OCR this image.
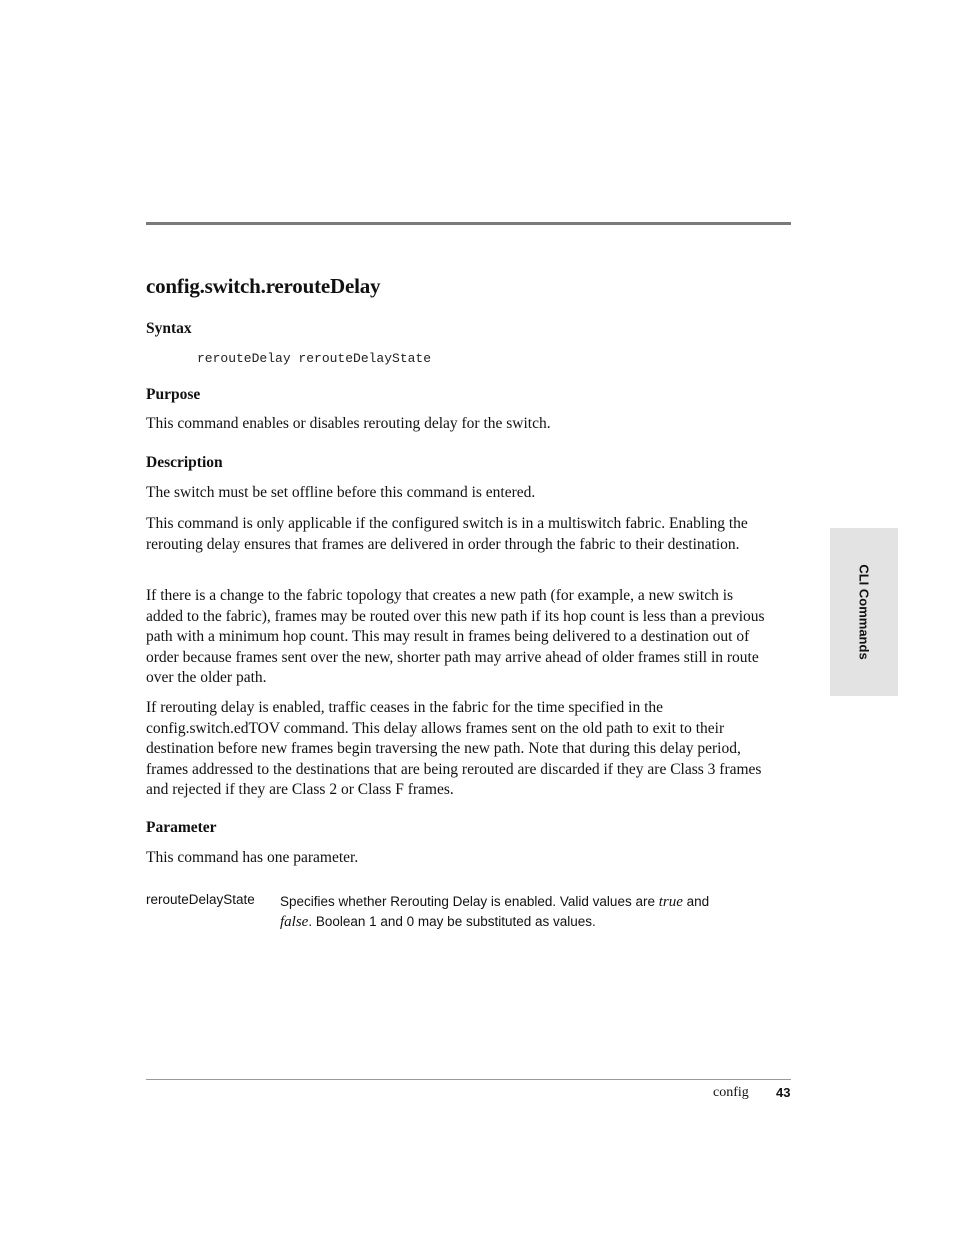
config.switch.rerouteDelay
Syntax
rerouteDelay rerouteDelayState
Purpose
This command enables or disables rerouting delay for the switch.
Description
The switch must be set offline before this command is entered.
This command is only applicable if the configured switch is in a multiswitch fabric. Enabling the rerouting delay ensures that frames are delivered in order through the fabric to their destination.
If there is a change to the fabric topology that creates a new path (for example, a new switch is added to the fabric), frames may be routed over this new path if its hop count is less than a previous path with a minimum hop count. This may result in frames being delivered to a destination out of order because frames sent over the new, shorter path may arrive ahead of older frames still in route over the older path.
If rerouting delay is enabled, traffic ceases in the fabric for the time specified in the config.switch.edTOV command. This delay allows frames sent on the old path to exit to their destination before new frames begin traversing the new path. Note that during this delay period, frames addressed to the destinations that are being rerouted are discarded if they are Class 3 frames and rejected if they are Class 2 or Class F frames.
Parameter
This command has one parameter.
rerouteDelayState Specifies whether Rerouting Delay is enabled. Valid values are true and
false. Boolean 1 and 0 may be substituted as values.
CLI Commands
config 43
